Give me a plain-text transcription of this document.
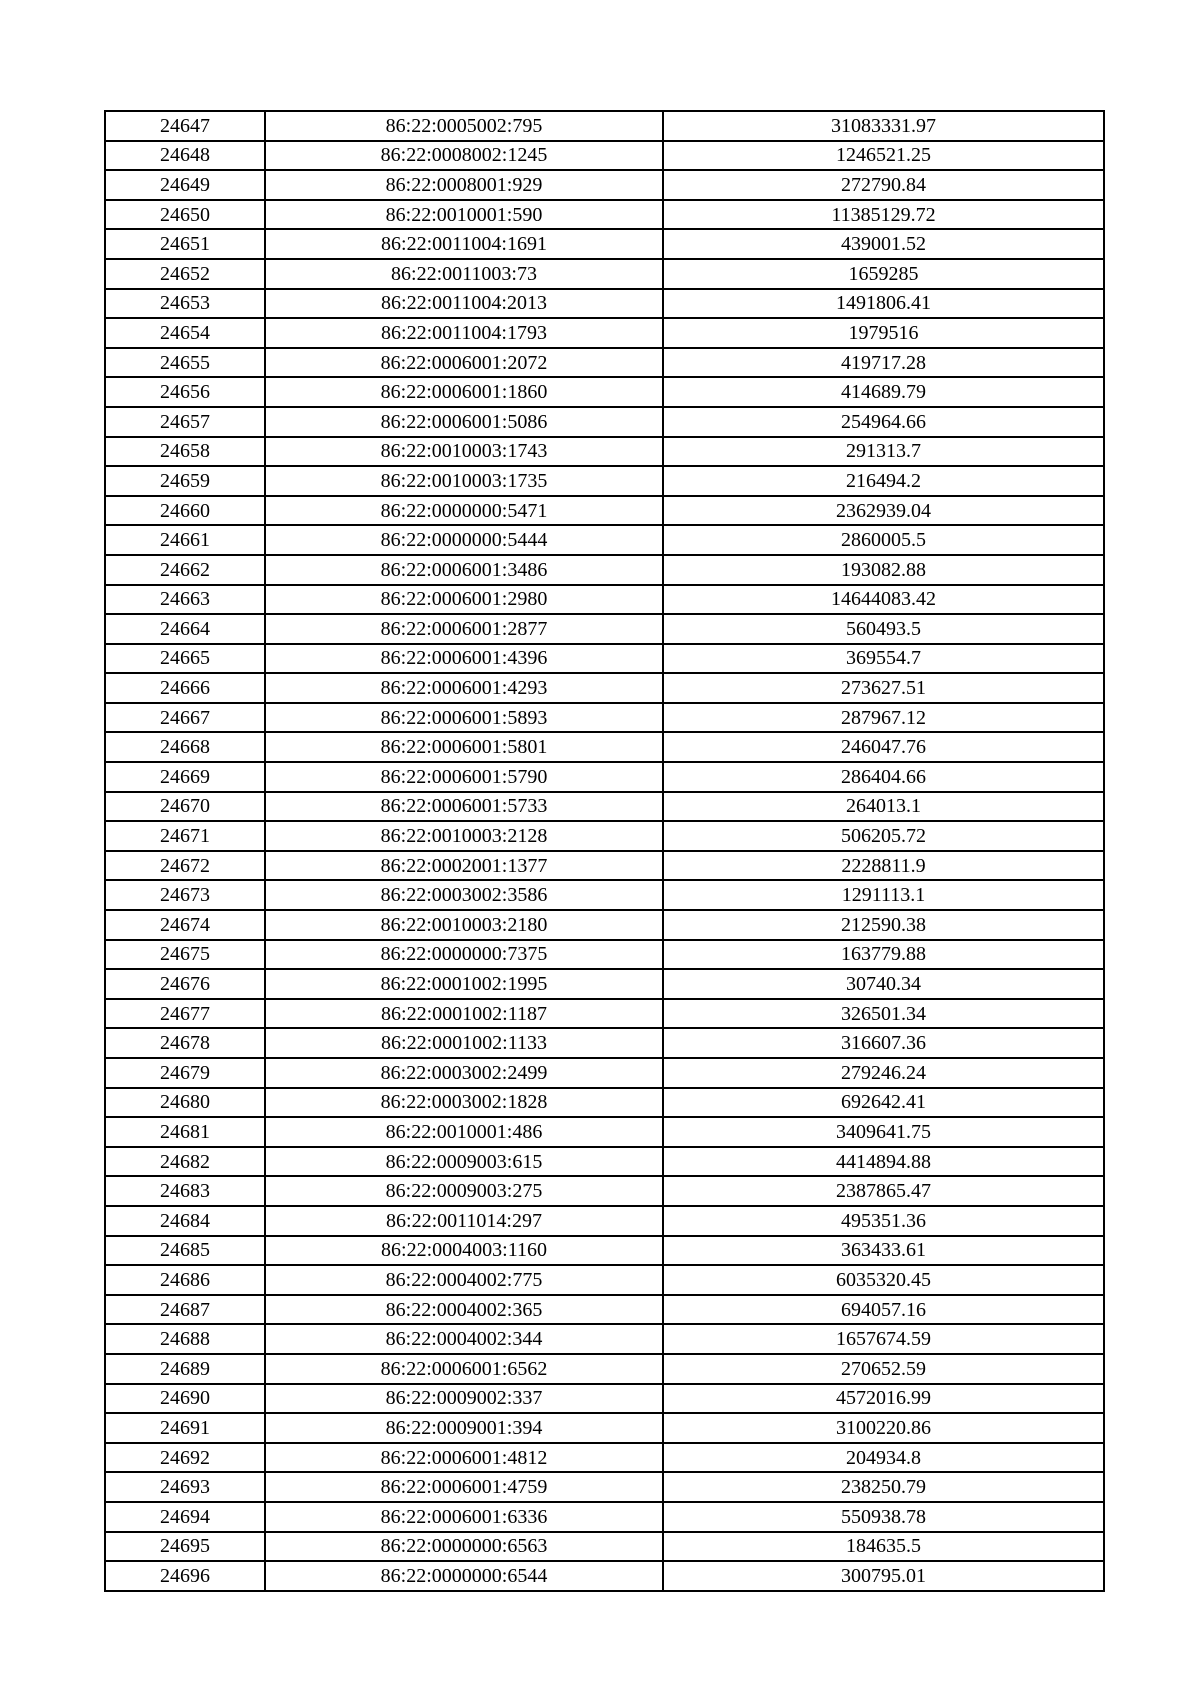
24647	86:22:0005002:795	31083331.97
24648	86:22:0008002:1245	1246521.25
24649	86:22:0008001:929	272790.84
24650	86:22:0010001:590	11385129.72
24651	86:22:0011004:1691	439001.52
24652	86:22:0011003:73	1659285
24653	86:22:0011004:2013	1491806.41
24654	86:22:0011004:1793	1979516
24655	86:22:0006001:2072	419717.28
24656	86:22:0006001:1860	414689.79
24657	86:22:0006001:5086	254964.66
24658	86:22:0010003:1743	291313.7
24659	86:22:0010003:1735	216494.2
24660	86:22:0000000:5471	2362939.04
24661	86:22:0000000:5444	2860005.5
24662	86:22:0006001:3486	193082.88
24663	86:22:0006001:2980	14644083.42
24664	86:22:0006001:2877	560493.5
24665	86:22:0006001:4396	369554.7
24666	86:22:0006001:4293	273627.51
24667	86:22:0006001:5893	287967.12
24668	86:22:0006001:5801	246047.76
24669	86:22:0006001:5790	286404.66
24670	86:22:0006001:5733	264013.1
24671	86:22:0010003:2128	506205.72
24672	86:22:0002001:1377	2228811.9
24673	86:22:0003002:3586	1291113.1
24674	86:22:0010003:2180	212590.38
24675	86:22:0000000:7375	163779.88
24676	86:22:0001002:1995	30740.34
24677	86:22:0001002:1187	326501.34
24678	86:22:0001002:1133	316607.36
24679	86:22:0003002:2499	279246.24
24680	86:22:0003002:1828	692642.41
24681	86:22:0010001:486	3409641.75
24682	86:22:0009003:615	4414894.88
24683	86:22:0009003:275	2387865.47
24684	86:22:0011014:297	495351.36
24685	86:22:0004003:1160	363433.61
24686	86:22:0004002:775	6035320.45
24687	86:22:0004002:365	694057.16
24688	86:22:0004002:344	1657674.59
24689	86:22:0006001:6562	270652.59
24690	86:22:0009002:337	4572016.99
24691	86:22:0009001:394	3100220.86
24692	86:22:0006001:4812	204934.8
24693	86:22:0006001:4759	238250.79
24694	86:22:0006001:6336	550938.78
24695	86:22:0000000:6563	184635.5
24696	86:22:0000000:6544	300795.01
